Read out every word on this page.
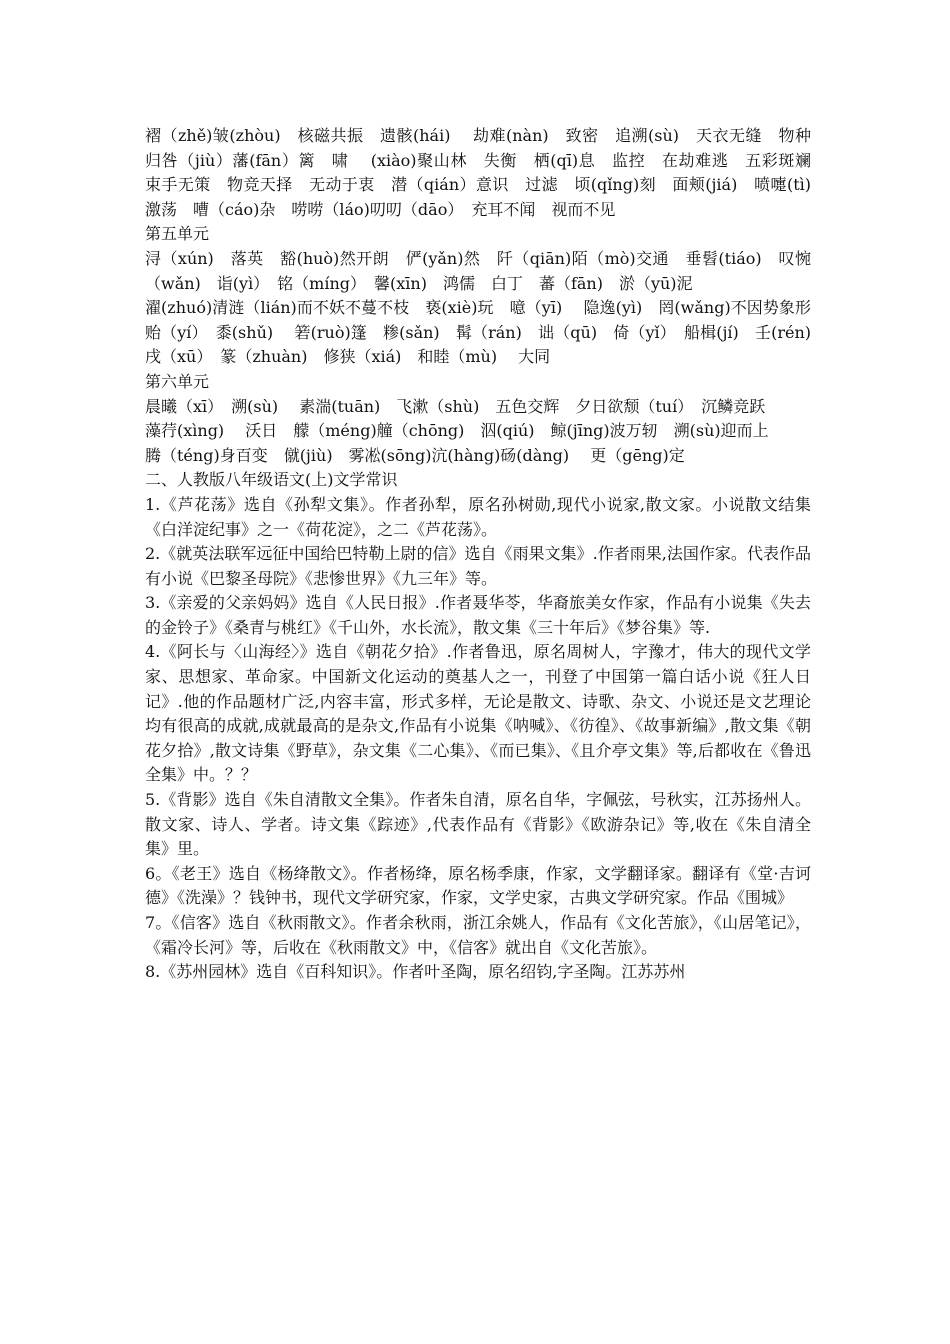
褶（zhě)皱(zhòu)　核磁共振　遗骸(hái)　 劫难(nàn)　致密　追溯(sù)　天衣无缝　物种　归咎（jiù）藩(fān）篱　啸　 (xiào)聚山林　失衡　栖(qī)息　监控　在劫难逃　五彩斑斓　束手无策　物竞天择　无动于衷　潜（qián）意识　过滤　顷(qǐng)刻　面颊(jiá)　喷嚏(tì)　激荡　嘈（cáo)杂　唠唠（láo)叨叨（dāo）　充耳不闻　视而不见

第五单元

浔（xún)　落英　豁(huò)然开朗　俨(yǎn)然　阡（qiān)陌（mò)交通　垂髫(tiáo)　叹惋（wǎn)　诣(yì）　铭（míng）　馨(xīn)　鸿儒　白丁　蕃（fān)　淤（yū)泥

濯(zhuó)清涟（lián)而不妖不蔓不枝　亵(xiè)玩　噫（yī)　 隐逸(yì)　罔(wǎng)不因势象形　贻（yí）　黍(shǔ)　 箬(ruò)篷　糁(sǎn)　髯（rán)　诎（qū)　倚（yǐ）　船楫(jí)　壬(rén)戌（xū）　篆（zhuàn)　修狭（xiá)　和睦（mù)　 大同

第六单元

晨曦（xī）　溯(sù)　 素湍(tuān)　飞漱（shù)　五色交辉　夕日欲颓（tuí）　沉鳞竞跃

藻荇(xìng)　 沃日　艨（méng)艟（chōng)　泅(qiú)　鲸(jīng)波万轫　溯(sù)迎而上

腾（téng)身百变　僦(jiù)　雾凇(sōng)沆(hàng)砀(dàng)　 更（gēng)定

二、人教版八年级语文(上)文学常识

1.《芦花荡》选自《孙犁文集》。作者孙犁，原名孙树勋,现代小说家,散文家。小说散文结集《白洋淀纪事》之一《荷花淀》，之二《芦花荡》。

2.《就英法联军远征中国给巴特勒上尉的信》选自《雨果文集》.作者雨果,法国作家。代表作品有小说《巴黎圣母院》《悲惨世界》《九三年》等。

3.《亲爱的父亲妈妈》选自《人民日报》.作者聂华苓，华裔旅美女作家，作品有小说集《失去的金铃子》《桑青与桃红》《千山外，水长流》，散文集《三十年后》《梦谷集》等.

4.《阿长与〈山海经〉》选自《朝花夕拾》.作者鲁迅，原名周树人，字豫才，伟大的现代文学家、思想家、革命家。中国新文化运动的奠基人之一，刊登了中国第一篇白话小说《狂人日记》.他的作品题材广泛,内容丰富，形式多样，无论是散文、诗歌、杂文、小说还是文艺理论均有很高的成就,成就最高的是杂文,作品有小说集《呐喊》、《彷徨》、《故事新编》,散文集《朝花夕拾》,散文诗集《野草》，杂文集《二心集》、《而已集》、《且介亭文集》等,后都收在《鲁迅全集》中。？？

5.《背影》选自《朱自清散文全集》。作者朱自清，原名自华，字佩弦，号秋实，江苏扬州人。散文家、诗人、学者。诗文集《踪迹》,代表作品有《背影》《欧游杂记》等,收在《朱自清全集》里。

6。《老王》选自《杨绛散文》。作者杨绛，原名杨季康，作家，文学翻译家。翻译有《堂·吉诃德》《洗澡》？钱钟书，现代文学研究家，作家，文学史家，古典文学研究家。作品《围城》

7。《信客》选自《秋雨散文》。作者余秋雨，浙江余姚人，作品有《文化苦旅》，《山居笔记》，《霜冷长河》等，后收在《秋雨散文》中，《信客》就出自《文化苦旅》。

8.《苏州园林》选自《百科知识》。作者叶圣陶，原名绍钧,字圣陶。江苏苏州
